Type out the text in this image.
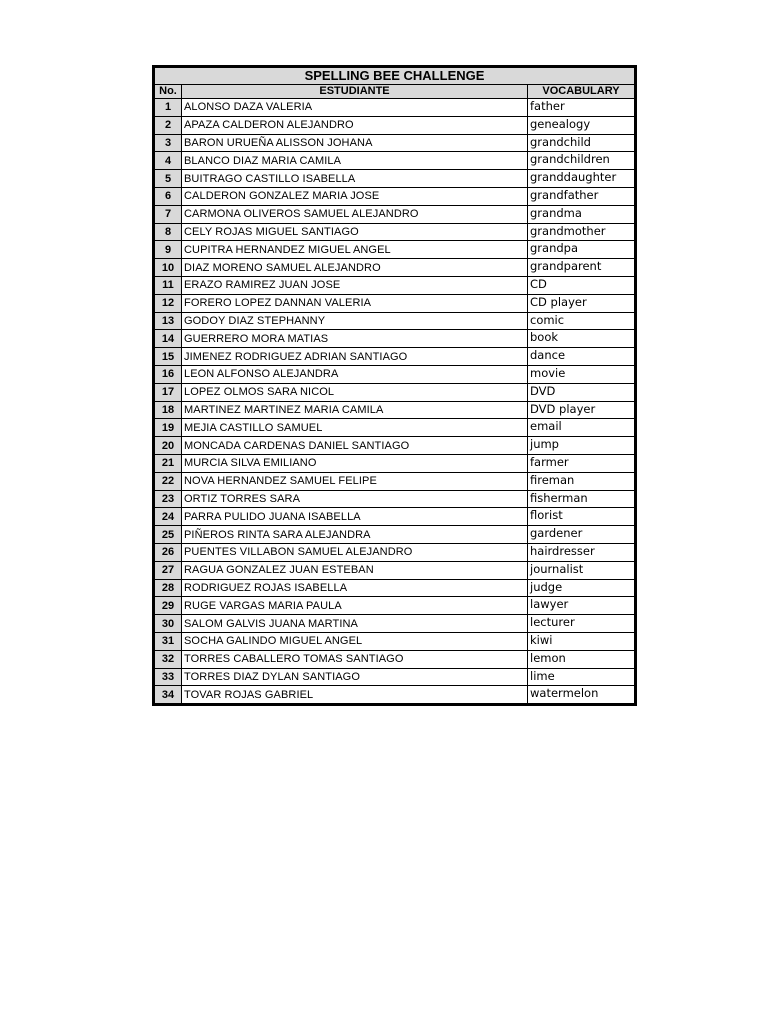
SPELLING BEE CHALLENGE		
No.	ESTUDIANTE	VOCABULARY
1	ALONSO DAZA VALERIA	father
2	APAZA CALDERON ALEJANDRO	genealogy
3	BARON URUEÑA ALISSON JOHANA	grandchild
4	BLANCO DIAZ MARIA CAMILA	grandchildren
5	BUITRAGO CASTILLO ISABELLA	granddaughter
6	CALDERON GONZALEZ MARIA JOSE	grandfather
7	CARMONA OLIVEROS SAMUEL ALEJANDRO	grandma
8	CELY ROJAS MIGUEL SANTIAGO	grandmother
9	CUPITRA HERNANDEZ MIGUEL ANGEL	grandpa
10	DIAZ MORENO SAMUEL ALEJANDRO	grandparent
11	ERAZO RAMIREZ JUAN JOSE	CD
12	FORERO LOPEZ DANNAN VALERIA	CD player
13	GODOY DIAZ STEPHANNY	comic
14	GUERRERO MORA MATIAS	book
15	JIMENEZ RODRIGUEZ ADRIAN SANTIAGO	dance
16	LEON ALFONSO ALEJANDRA	movie
17	LOPEZ OLMOS SARA NICOL	DVD
18	MARTINEZ MARTINEZ MARIA CAMILA	DVD player
19	MEJIA CASTILLO SAMUEL	email
20	MONCADA CARDENAS DANIEL SANTIAGO	jump
21	MURCIA SILVA EMILIANO	farmer
22	NOVA HERNANDEZ SAMUEL FELIPE	fireman
23	ORTIZ TORRES SARA	fisherman
24	PARRA PULIDO JUANA ISABELLA	florist
25	PIÑEROS RINTA SARA ALEJANDRA	gardener
26	PUENTES VILLABON SAMUEL ALEJANDRO	hairdresser
27	RAGUA GONZALEZ JUAN ESTEBAN	journalist
28	RODRIGUEZ ROJAS ISABELLA	judge
29	RUGE VARGAS MARIA PAULA	lawyer
30	SALOM GALVIS JUANA MARTINA	lecturer
31	SOCHA GALINDO MIGUEL ANGEL	kiwi
32	TORRES CABALLERO TOMAS SANTIAGO	lemon
33	TORRES DIAZ DYLAN SANTIAGO	lime
34	TOVAR ROJAS GABRIEL	watermelon
